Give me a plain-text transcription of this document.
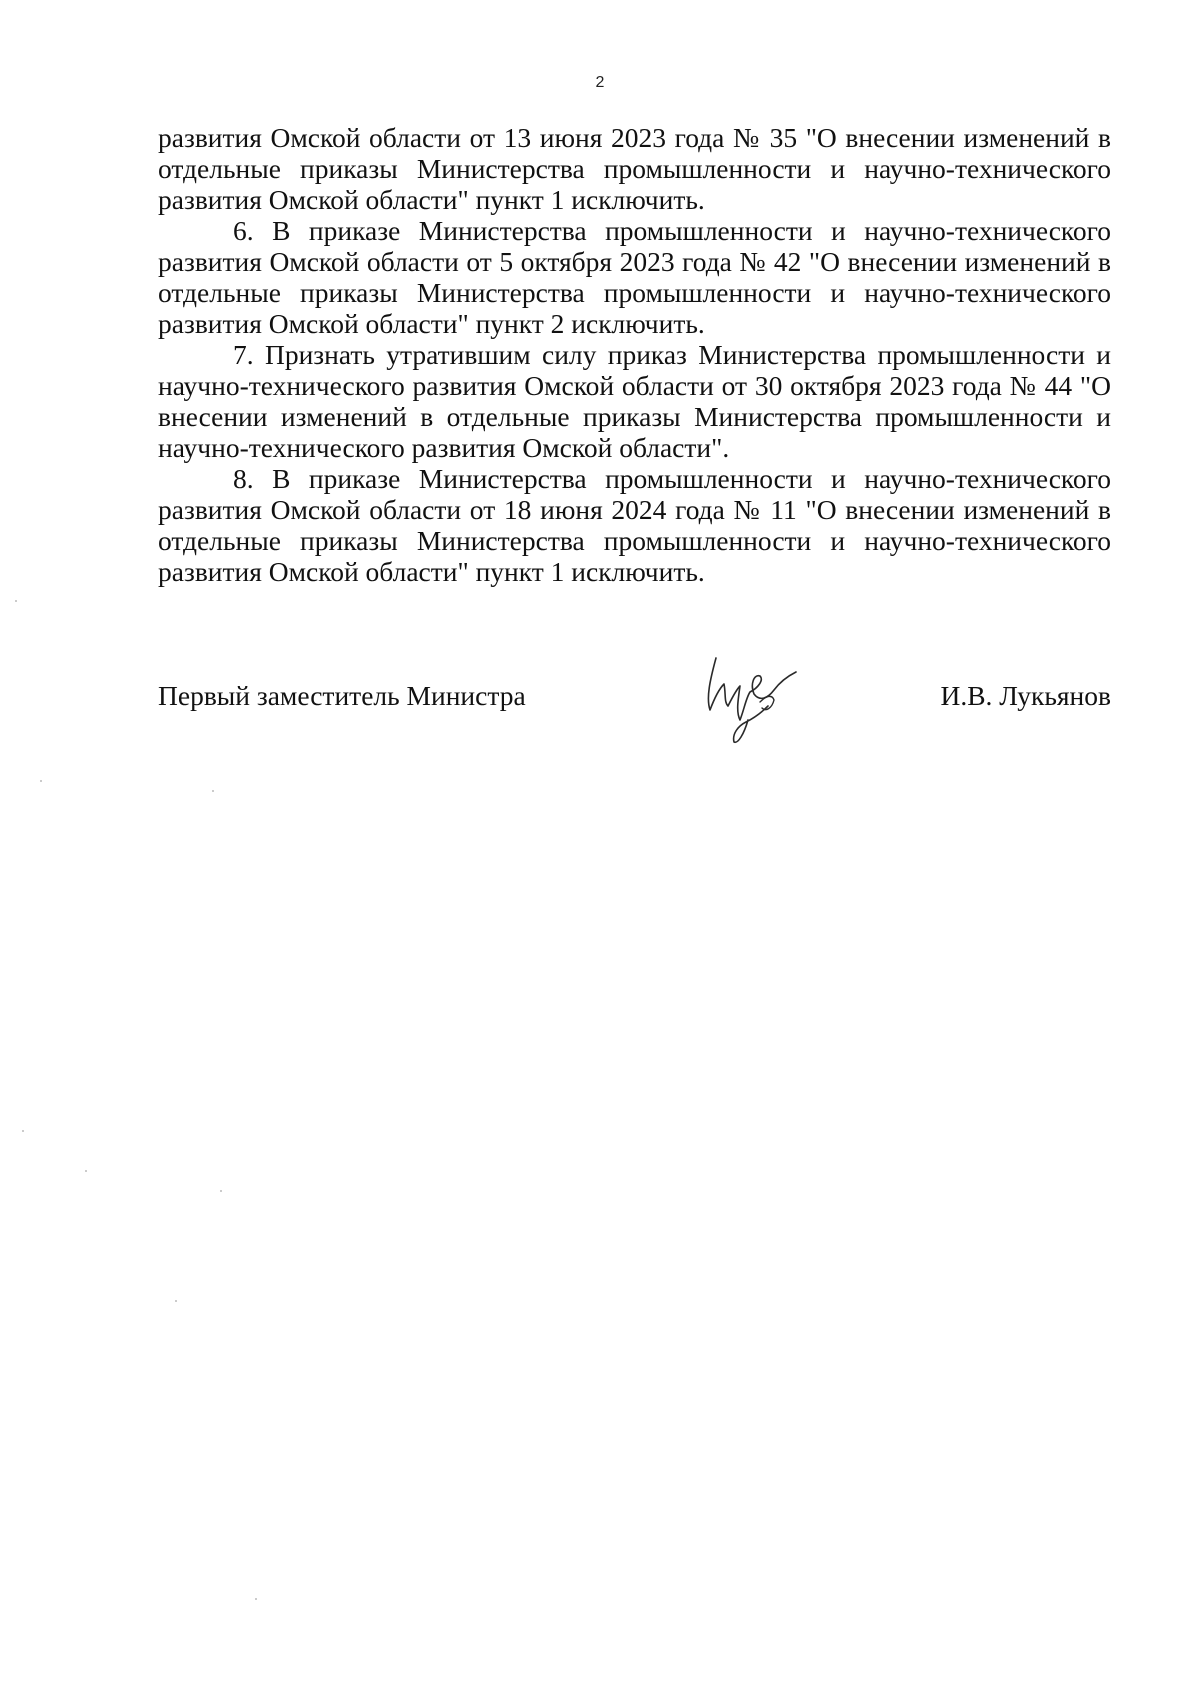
2

развития Омской области от 13 июня 2023 года № 35 "О внесении изменений в отдельные приказы Министерства промышленности и научно-технического развития Омской области" пункт 1 исключить.

6. В приказе Министерства промышленности и научно-технического развития Омской области от 5 октября 2023 года № 42 "О внесении изменений в отдельные приказы Министерства промышленности и научно-технического развития Омской области" пункт 2 исключить.

7. Признать утратившим силу приказ Министерства промышленности и научно-технического развития Омской области от 30 октября 2023 года № 44 "О внесении изменений в отдельные приказы Министерства промышленности и научно-технического развития Омской области".

8. В приказе Министерства промышленности и научно-технического развития Омской области от 18 июня 2024 года № 11 "О внесении изменений в отдельные приказы Министерства промышленности и научно-технического развития Омской области" пункт 1 исключить.

Первый заместитель Министра	И.В. Лукьянов
